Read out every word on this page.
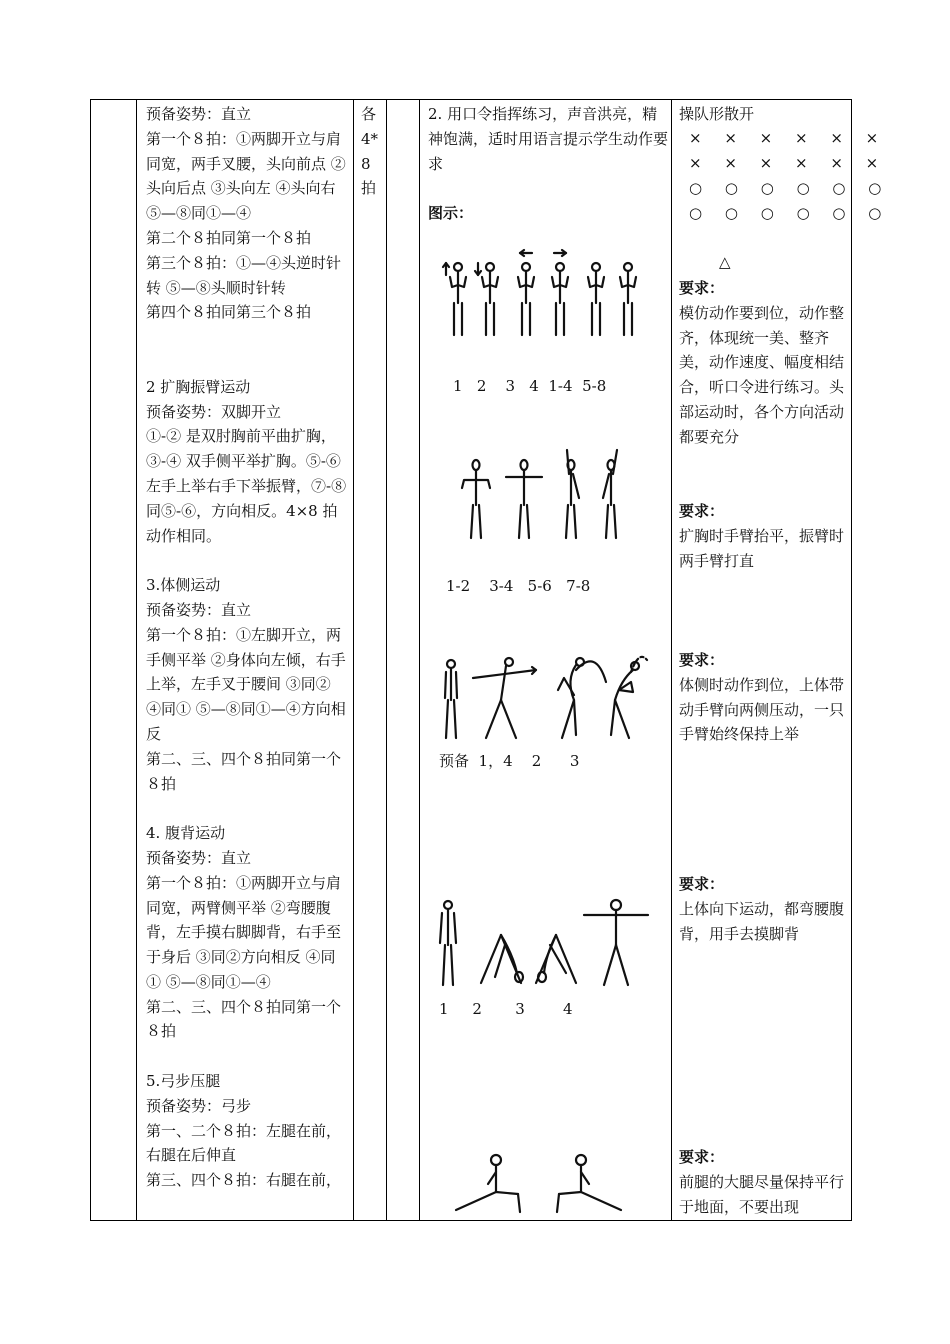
预备姿势：直立

第一个８拍：①两脚开立与肩同宽，两手叉腰，头向前点 ②头向后点 ③头向左 ④头向右 ⑤—⑧同①—④

第二个８拍同第一个８拍

第三个８拍：①—④头逆时针转 ⑤—⑧头顺时针转

第四个８拍同第三个８拍

2 扩胸振臂运动

预备姿势：双脚开立

①-② 是双肘胸前平曲扩胸，③-④ 双手侧平举扩胸。⑤-⑥ 左手上举右手下举振臂，⑦-⑧ 同⑤-⑥，方向相反。4×8 拍动作相同。

3.体侧运动

预备姿势：直立

第一个８拍：①左脚开立，两手侧平举 ②身体向左倾，右手上举，左手叉于腰间 ③同② ④同① ⑤—⑧同①—④方向相反

第二、三、四个８拍同第一个８拍

4. 腹背运动

预备姿势：直立

第一个８拍：①两脚开立与肩同宽，两臂侧平举 ②弯腰腹背，左手摸右脚脚背，右手至于身后 ③同②方向相反 ④同① ⑤—⑧同①—④

第二、三、四个８拍同第一个８拍

5.弓步压腿

预备姿势：弓步

第一、二个８拍：左腿在前，右腿在后伸直

第三、四个８拍：右腿在前，

各

4*

8

拍

2. 用口令指挥练习，声音洪亮，精神饱满，适时用语言提示学生动作要求

图示：

1   2    3   4  1-4  5-8
1-2    3-4   5-6   7-8
预备  1，4    2      3
1     2       3        4

操队形散开

× × × × × ×
× × × × × ×
○ ○ ○ ○ ○ ○
○ ○ ○ ○ ○ ○
△

要求：

模仿动作要到位，动作整齐，体现统一美、整齐美，动作速度、幅度相结合，听口令进行练习。头部运动时，各个方向活动都要充分

要求：

扩胸时手臂抬平，振臂时两手臂打直

要求：

体侧时动作到位，上体带动手臂向两侧压动，一只手臂始终保持上举

要求：

上体向下运动，都弯腰腹背，用手去摸脚背

要求：

前腿的大腿尽量保持平行于地面，不要出现
